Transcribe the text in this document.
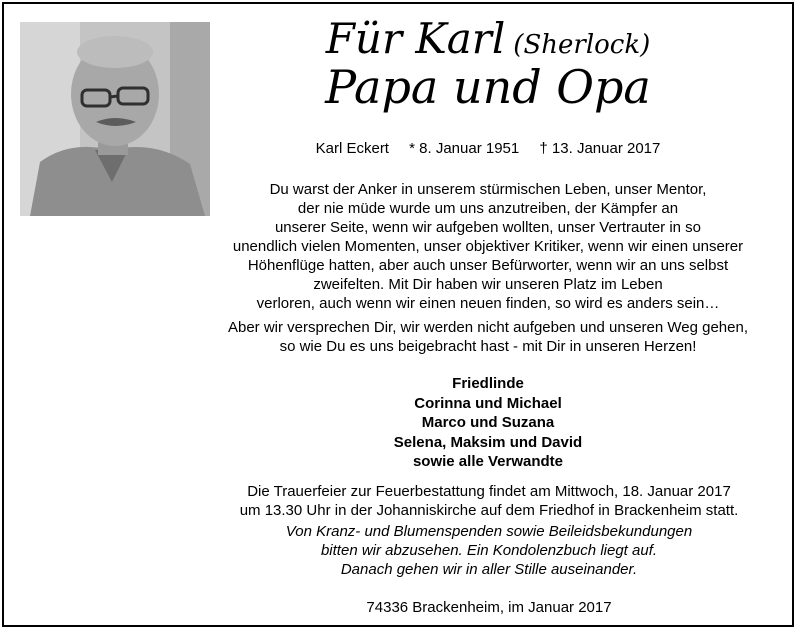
Für Karl (Sherlock)
Papa und Opa
Karl Eckert * 8. Januar 1951 † 13. Januar 2017
Du warst der Anker in unserem stürmischen Leben, unser Mentor,
der nie müde wurde um uns anzutreiben, der Kämpfer an
unserer Seite, wenn wir aufgeben wollten, unser Vertrauter in so
unendlich vielen Momenten, unser objektiver Kritiker, wenn wir einen unserer
Höhenflüge hatten, aber auch unser Befürworter, wenn wir an uns selbst
zweifelten. Mit Dir haben wir unseren Platz im Leben
verloren, auch wenn wir einen neuen finden, so wird es anders sein…
Aber wir versprechen Dir, wir werden nicht aufgeben und unseren Weg gehen,
so wie Du es uns beigebracht hast - mit Dir in unseren Herzen!
Friedlinde
Corinna und Michael
Marco und Suzana
Selena, Maksim und David
sowie alle Verwandte
Die Trauerfeier zur Feuerbestattung findet am Mittwoch, 18. Januar 2017
um 13.30 Uhr in der Johanniskirche auf dem Friedhof in Brackenheim statt.
Von Kranz- und Blumenspenden sowie Beileidsbekundungen
bitten wir abzusehen. Ein Kondolenzbuch liegt auf.
Danach gehen wir in aller Stille auseinander.
74336 Brackenheim, im Januar 2017
